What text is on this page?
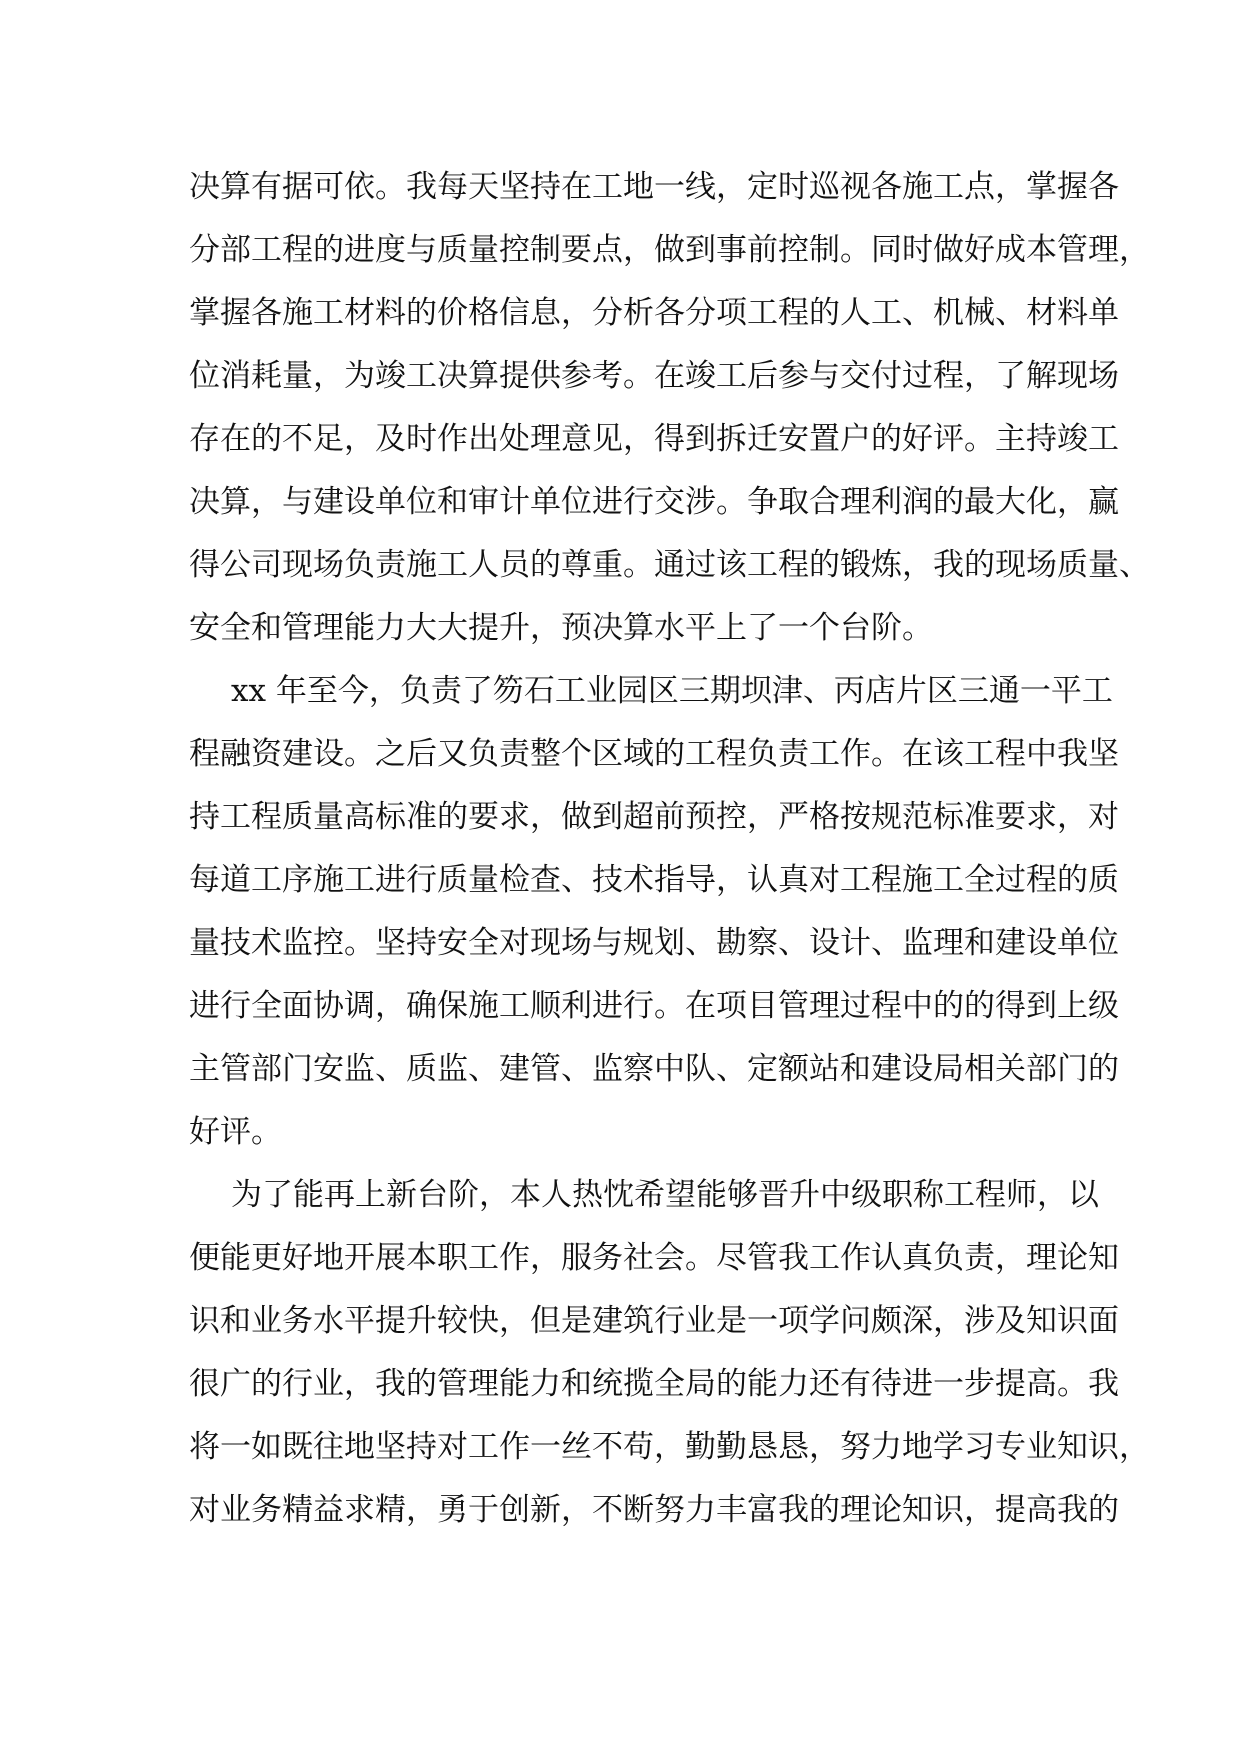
决算有据可依。我每天坚持在工地一线，定时巡视各施工点，掌握各
分部工程的进度与质量控制要点，做到事前控制。同时做好成本管理，
掌握各施工材料的价格信息，分析各分项工程的人工、机械、材料单
位消耗量，为竣工决算提供参考。在竣工后参与交付过程，了解现场
存在的不足，及时作出处理意见，得到拆迁安置户的好评。主持竣工
决算，与建设单位和审计单位进行交涉。争取合理利润的最大化，赢
得公司现场负责施工人员的尊重。通过该工程的锻炼，我的现场质量、
安全和管理能力大大提升，预决算水平上了一个台阶。
xx 年至今，负责了笏石工业园区三期坝津、丙店片区三通一平工
程融资建设。之后又负责整个区域的工程负责工作。在该工程中我坚
持工程质量高标准的要求，做到超前预控，严格按规范标准要求，对
每道工序施工进行质量检查、技术指导，认真对工程施工全过程的质
量技术监控。坚持安全对现场与规划、勘察、设计、监理和建设单位
进行全面协调，确保施工顺利进行。在项目管理过程中的的得到上级
主管部门安监、质监、建管、监察中队、定额站和建设局相关部门的
好评。
为了能再上新台阶，本人热忱希望能够晋升中级职称工程师，以
便能更好地开展本职工作，服务社会。尽管我工作认真负责，理论知
识和业务水平提升较快，但是建筑行业是一项学问颇深，涉及知识面
很广的行业，我的管理能力和统揽全局的能力还有待进一步提高。我
将一如既往地坚持对工作一丝不苟，勤勤恳恳，努力地学习专业知识，
对业务精益求精，勇于创新，不断努力丰富我的理论知识，提高我的
